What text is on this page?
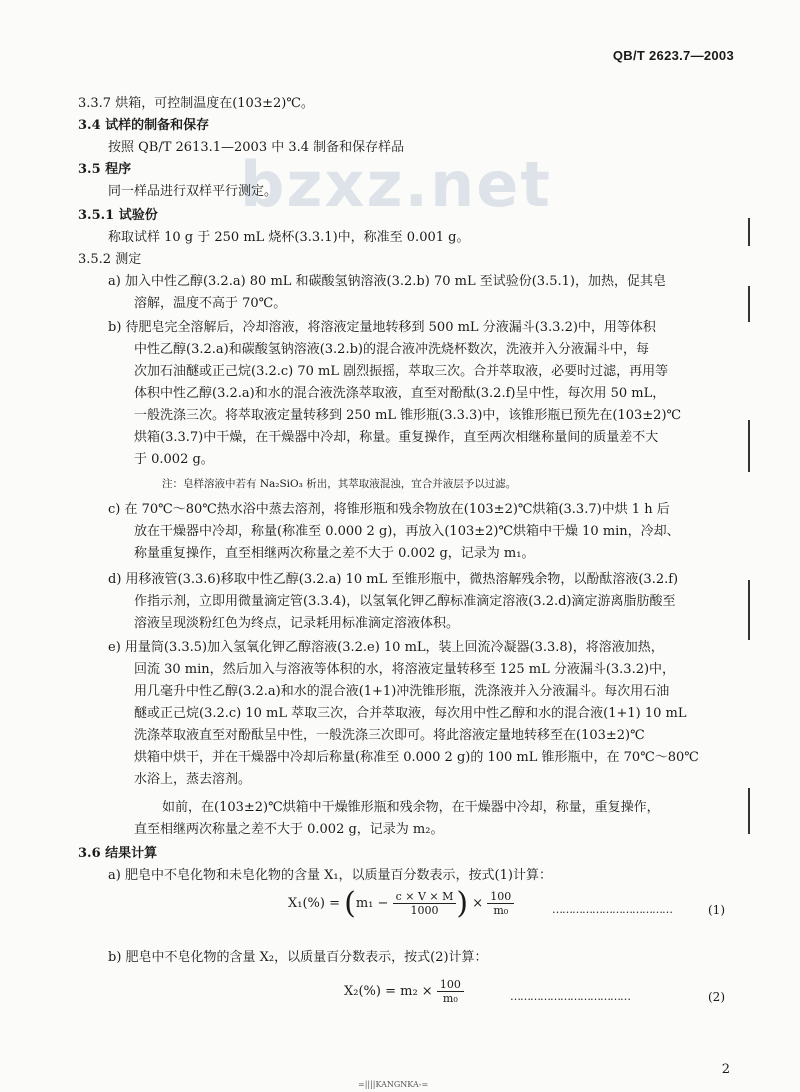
QB/T 2623.7—2003
bzxz.net
3.3.7 烘箱，可控制温度在(103±2)℃。
3.4 试样的制备和保存
按照 QB/T 2613.1—2003 中 3.4 制备和保存样品
3.5 程序
同一样品进行双样平行测定。
3.5.1 试验份
称取试样 10 g 于 250 mL 烧杯(3.3.1)中，称准至 0.001 g。
3.5.2 测定
a) 加入中性乙醇(3.2.a) 80 mL 和碳酸氢钠溶液(3.2.b) 70 mL 至试验份(3.5.1)，加热，促其皂
溶解，温度不高于 70℃。
b) 待肥皂完全溶解后，冷却溶液，将溶液定量地转移到 500 mL 分液漏斗(3.3.2)中，用等体积
中性乙醇(3.2.a)和碳酸氢钠溶液(3.2.b)的混合液冲洗烧杯数次，洗液并入分液漏斗中，每
次加石油醚或正己烷(3.2.c) 70 mL 剧烈振摇，萃取三次。合并萃取液，必要时过滤，再用等
体积中性乙醇(3.2.a)和水的混合液洗涤萃取液，直至对酚酞(3.2.f)呈中性，每次用 50 mL，
一般洗涤三次。将萃取液定量转移到 250 mL 锥形瓶(3.3.3)中，该锥形瓶已预先在(103±2)℃
烘箱(3.3.7)中干燥，在干燥器中冷却，称量。重复操作，直至两次相继称量间的质量差不大
于 0.002 g。
注：皂样溶液中若有 Na₂SiO₃ 析出，其萃取液混浊，宜合并液层予以过滤。
c) 在 70℃～80℃热水浴中蒸去溶剂，将锥形瓶和残余物放在(103±2)℃烘箱(3.3.7)中烘 1 h 后
放在干燥器中冷却，称量(称准至 0.000 2 g)，再放入(103±2)℃烘箱中干燥 10 min，冷却、
称量重复操作，直至相继两次称量之差不大于 0.002 g，记录为 m₁。
d) 用移液管(3.3.6)移取中性乙醇(3.2.a) 10 mL 至锥形瓶中，微热溶解残余物，以酚酞溶液(3.2.f)
作指示剂，立即用微量滴定管(3.3.4)，以氢氧化钾乙醇标准滴定溶液(3.2.d)滴定游离脂肪酸至
溶液呈现淡粉红色为终点，记录耗用标准滴定溶液体积。
e) 用量筒(3.3.5)加入氢氧化钾乙醇溶液(3.2.e) 10 mL，装上回流冷凝器(3.3.8)，将溶液加热，
回流 30 min，然后加入与溶液等体积的水，将溶液定量转移至 125 mL 分液漏斗(3.3.2)中，
用几毫升中性乙醇(3.2.a)和水的混合液(1+1)冲洗锥形瓶，洗涤液并入分液漏斗。每次用石油
醚或正己烷(3.2.c) 10 mL 萃取三次，合并萃取液，每次用中性乙醇和水的混合液(1+1) 10 mL
洗涤萃取液直至对酚酞呈中性，一般洗涤三次即可。将此溶液定量地转移至在(103±2)℃
烘箱中烘干，并在干燥器中冷却后称量(称准至 0.000 2 g)的 100 mL 锥形瓶中，在 70℃～80℃
水浴上，蒸去溶剂。
如前，在(103±2)℃烘箱中干燥锥形瓶和残余物，在干燥器中冷却，称量，重复操作，
直至相继两次称量之差不大于 0.002 g，记录为 m₂。
3.6 结果计算
a) 肥皂中不皂化物和未皂化物的含量 X₁，以质量百分数表示，按式(1)计算：
$X_1(\%) = (m_1 - \frac{c \times V \times M}{1000}$ ) × $\frac{100}{\text{m₀}}$	………………………………	(1)
b) 肥皂中不皂化物的含量 X₂，以质量百分数表示，按式(2)计算：
$X_2(\%) = m_2 \times \frac{100}{\text{m₀}}$	………………………………	(2)
2
=||||KANGNKA-=
